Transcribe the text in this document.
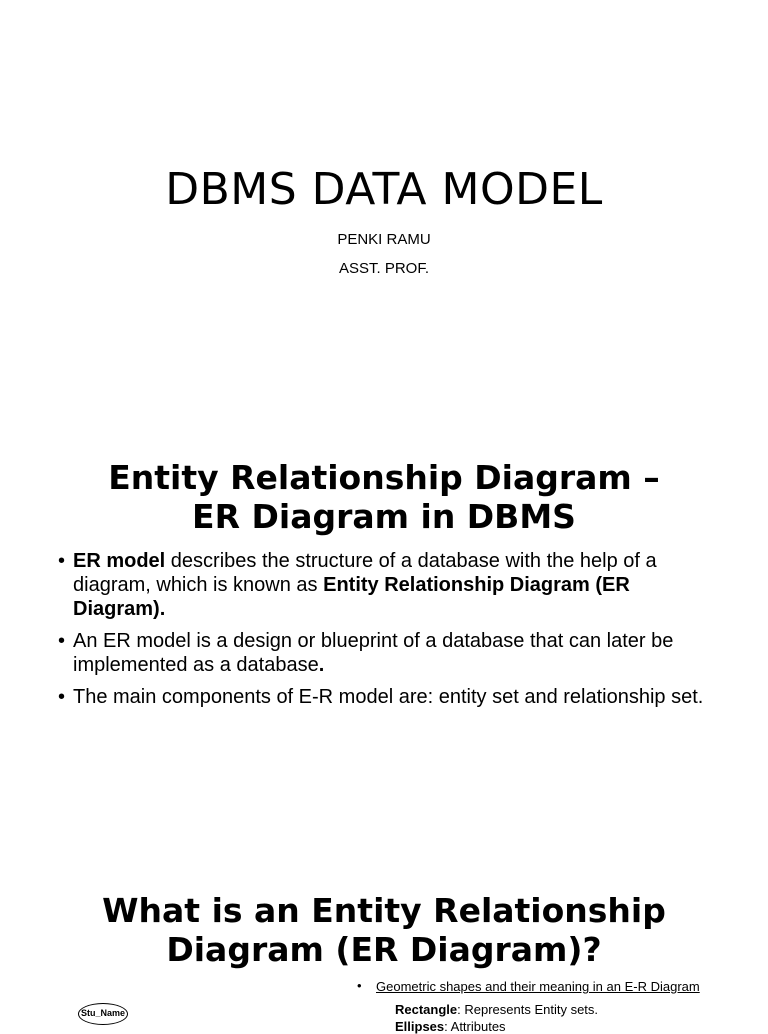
DBMS DATA MODEL
PENKI RAMU
ASST. PROF.
Entity Relationship Diagram –
ER Diagram in DBMS
• ER model describes the structure of a database with the help of a diagram, which is known as Entity Relationship Diagram (ER Diagram).
• An ER model is a design or blueprint of a database that can later be implemented as a database.
• The main components of E-R model are: entity set and relationship set.
What is an Entity Relationship
Diagram (ER Diagram)?
Stu_Name
• Geometric shapes and their meaning in an E-R Diagram
Rectangle: Represents Entity sets.
Ellipses: Attributes
